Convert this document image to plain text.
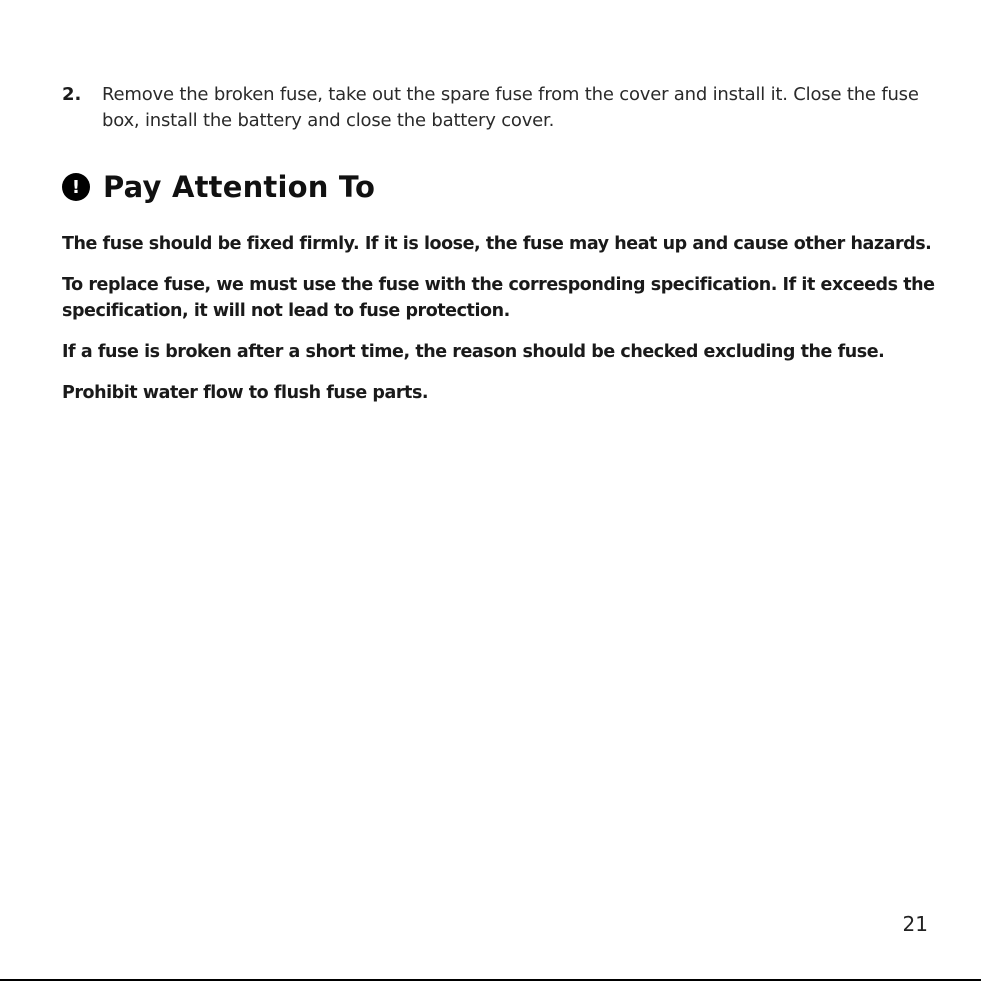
2.	Remove the broken fuse, take out the spare fuse from the cover and install it. Close the fuse box, install the battery and close the battery cover.
! Pay Attention To

The fuse should be fixed firmly. If it is loose, the fuse may heat up and cause other hazards.

To replace fuse, we must use the fuse with the corresponding specification. If it exceeds the specification, it will not lead to fuse protection.

If a fuse is broken after a short time, the reason should be checked excluding the fuse.

Prohibit water flow to flush fuse parts.

21
